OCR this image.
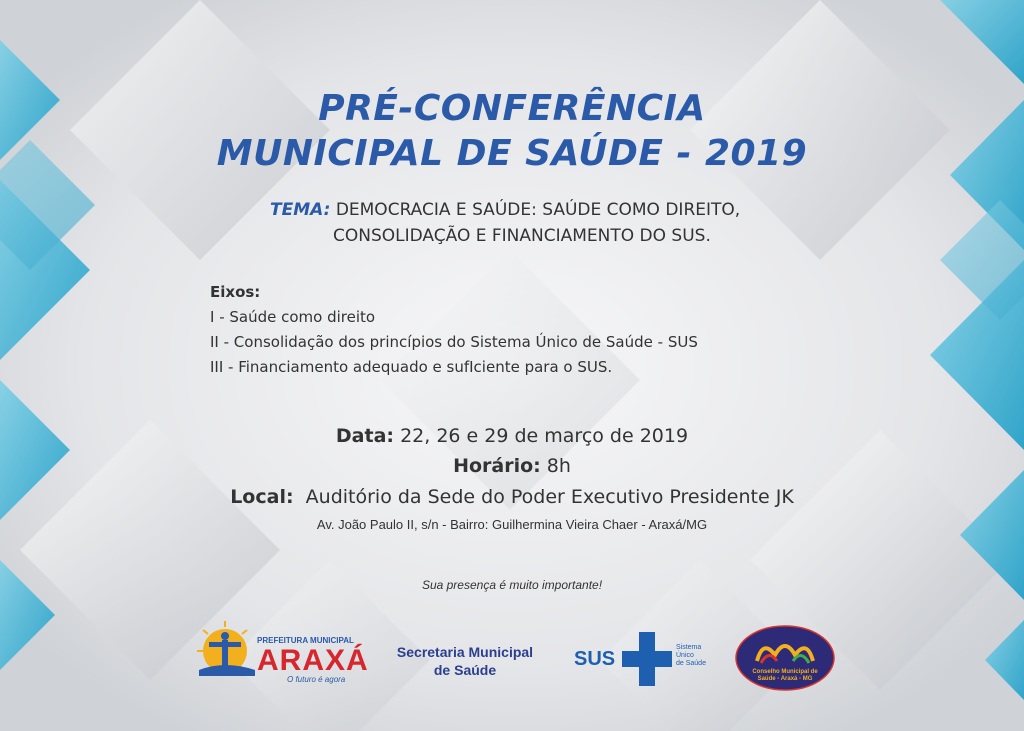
PRÉ-CONFERÊNCIA
MUNICIPAL DE SAÚDE - 2019
TEMA: DEMOCRACIA E SAÚDE: SAÚDE COMO DIREITO,
CONSOLIDAÇÃO E FINANCIAMENTO DO SUS.
Eixos:
I - Saúde como direito
II - Consolidação dos princípios do Sistema Único de Saúde - SUS
III - Financiamento adequado e sufIciente para o SUS.
Data: 22, 26 e 29 de março de 2019
Horário: 8h
Local: Auditório da Sede do Poder Executivo Presidente JK
Av. João Paulo II, s/n - Bairro: Guilhermina Vieira Chaer - Araxá/MG
Sua presença é muito importante!
PREFEITURA MUNICIPAL
ARAXÁ
O futuro é agora
Secretaria Municipal
de Saúde	SUS
Sistema
Único
de Saúde
Conselho Municipal de
Saúde - Araxá - MG
